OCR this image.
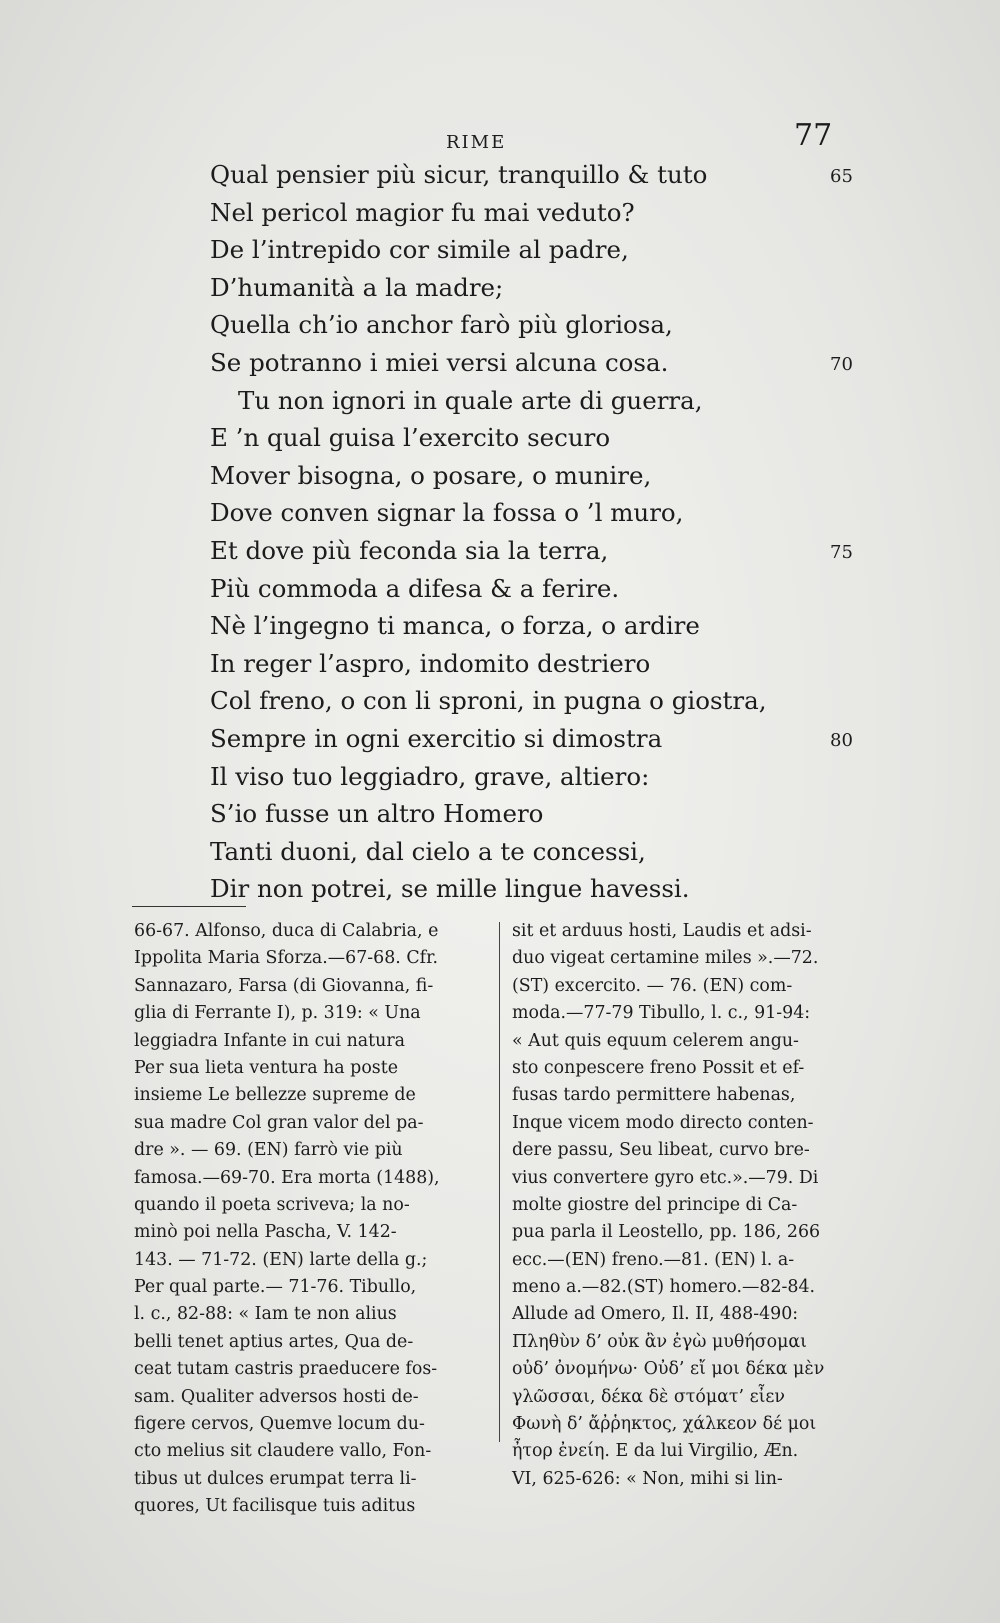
RIME	77
Qual pensier più sicur, tranquillo & tuto	65
Nel pericol magior fu mai veduto?
De l’intrepido cor simile al padre,
D’humanità a la madre;
Quella ch’io anchor farò più gloriosa,
Se potranno i miei versi alcuna cosa.	70
Tu non ignori in quale arte di guerra,
E ’n qual guisa l’exercito securo
Mover bisogna, o posare, o munire,
Dove conven signar la fossa o ’l muro,
Et dove più feconda sia la terra,	75
Più commoda a difesa & a ferire.
Nè l’ingegno ti manca, o forza, o ardire
In reger l’aspro, indomito destriero
Col freno, o con li sproni, in pugna o giostra,
Sempre in ogni exercitio si dimostra	80
Il viso tuo leggiadro, grave, altiero:
S’io fusse un altro Homero
Tanti duoni, dal cielo a te concessi,
Dir non potrei, se mille lingue havessi.
66-67. Alfonso, duca di Calabria, e
Ippolita Maria Sforza.—67-68. Cfr.
Sannazaro, Farsa (di Giovanna, fi-
glia di Ferrante I), p. 319: « Una
leggiadra Infante in cui natura
Per sua lieta ventura ha poste
insieme Le bellezze supreme de
sua madre Col gran valor del pa-
dre ». — 69. (EN) farrò vie più
famosa.—69-70. Era morta (1488),
quando il poeta scriveva; la no-
minò poi nella Pascha, V. 142-
143. — 71-72. (EN) larte della g.;
Per qual parte.— 71-76. Tibullo,
l. c., 82-88: « Iam te non alius
belli tenet aptius artes, Qua de-
ceat tutam castris praeducere fos-
sam. Qualiter adversos hosti de-
figere cervos, Quemve locum du-
cto melius sit claudere vallo, Fon-
tibus ut dulces erumpat terra li-
quores, Ut facilisque tuis aditus
sit et arduus hosti, Laudis et adsi-
duo vigeat certamine miles ».—72.
(ST) excercito. — 76. (EN) com-
moda.—77-79 Tibullo, l. c., 91-94:
« Aut quis equum celerem angu-
sto conpescere freno Possit et ef-
fusas tardo permittere habenas,
Inque vicem modo directo conten-
dere passu, Seu libeat, curvo bre-
vius convertere gyro etc.».—79. Di
molte giostre del principe di Ca-
pua parla il Leostello, pp. 186, 266
ecc.—(EN) freno.—81. (EN) l. a-
meno a.—82.(ST) homero.—82-84.
Allude ad Omero, Il. II, 488-490:
Πληθὺν δ’ οὐκ ἂν ἐγὼ μυθήσομαι
οὐδ’ ὀνομήνω· Οὐδ’ εἴ μοι δέκα μὲν
γλῶσσαι, δέκα δὲ στόματ’ εἶεν
Φωνὴ δ’ ἄῤῥηκτος, χάλκεον δέ μοι
ἦτορ ἐνείη. E da lui Virgilio, Æn.
VI, 625-626: « Non, mihi si lin-
